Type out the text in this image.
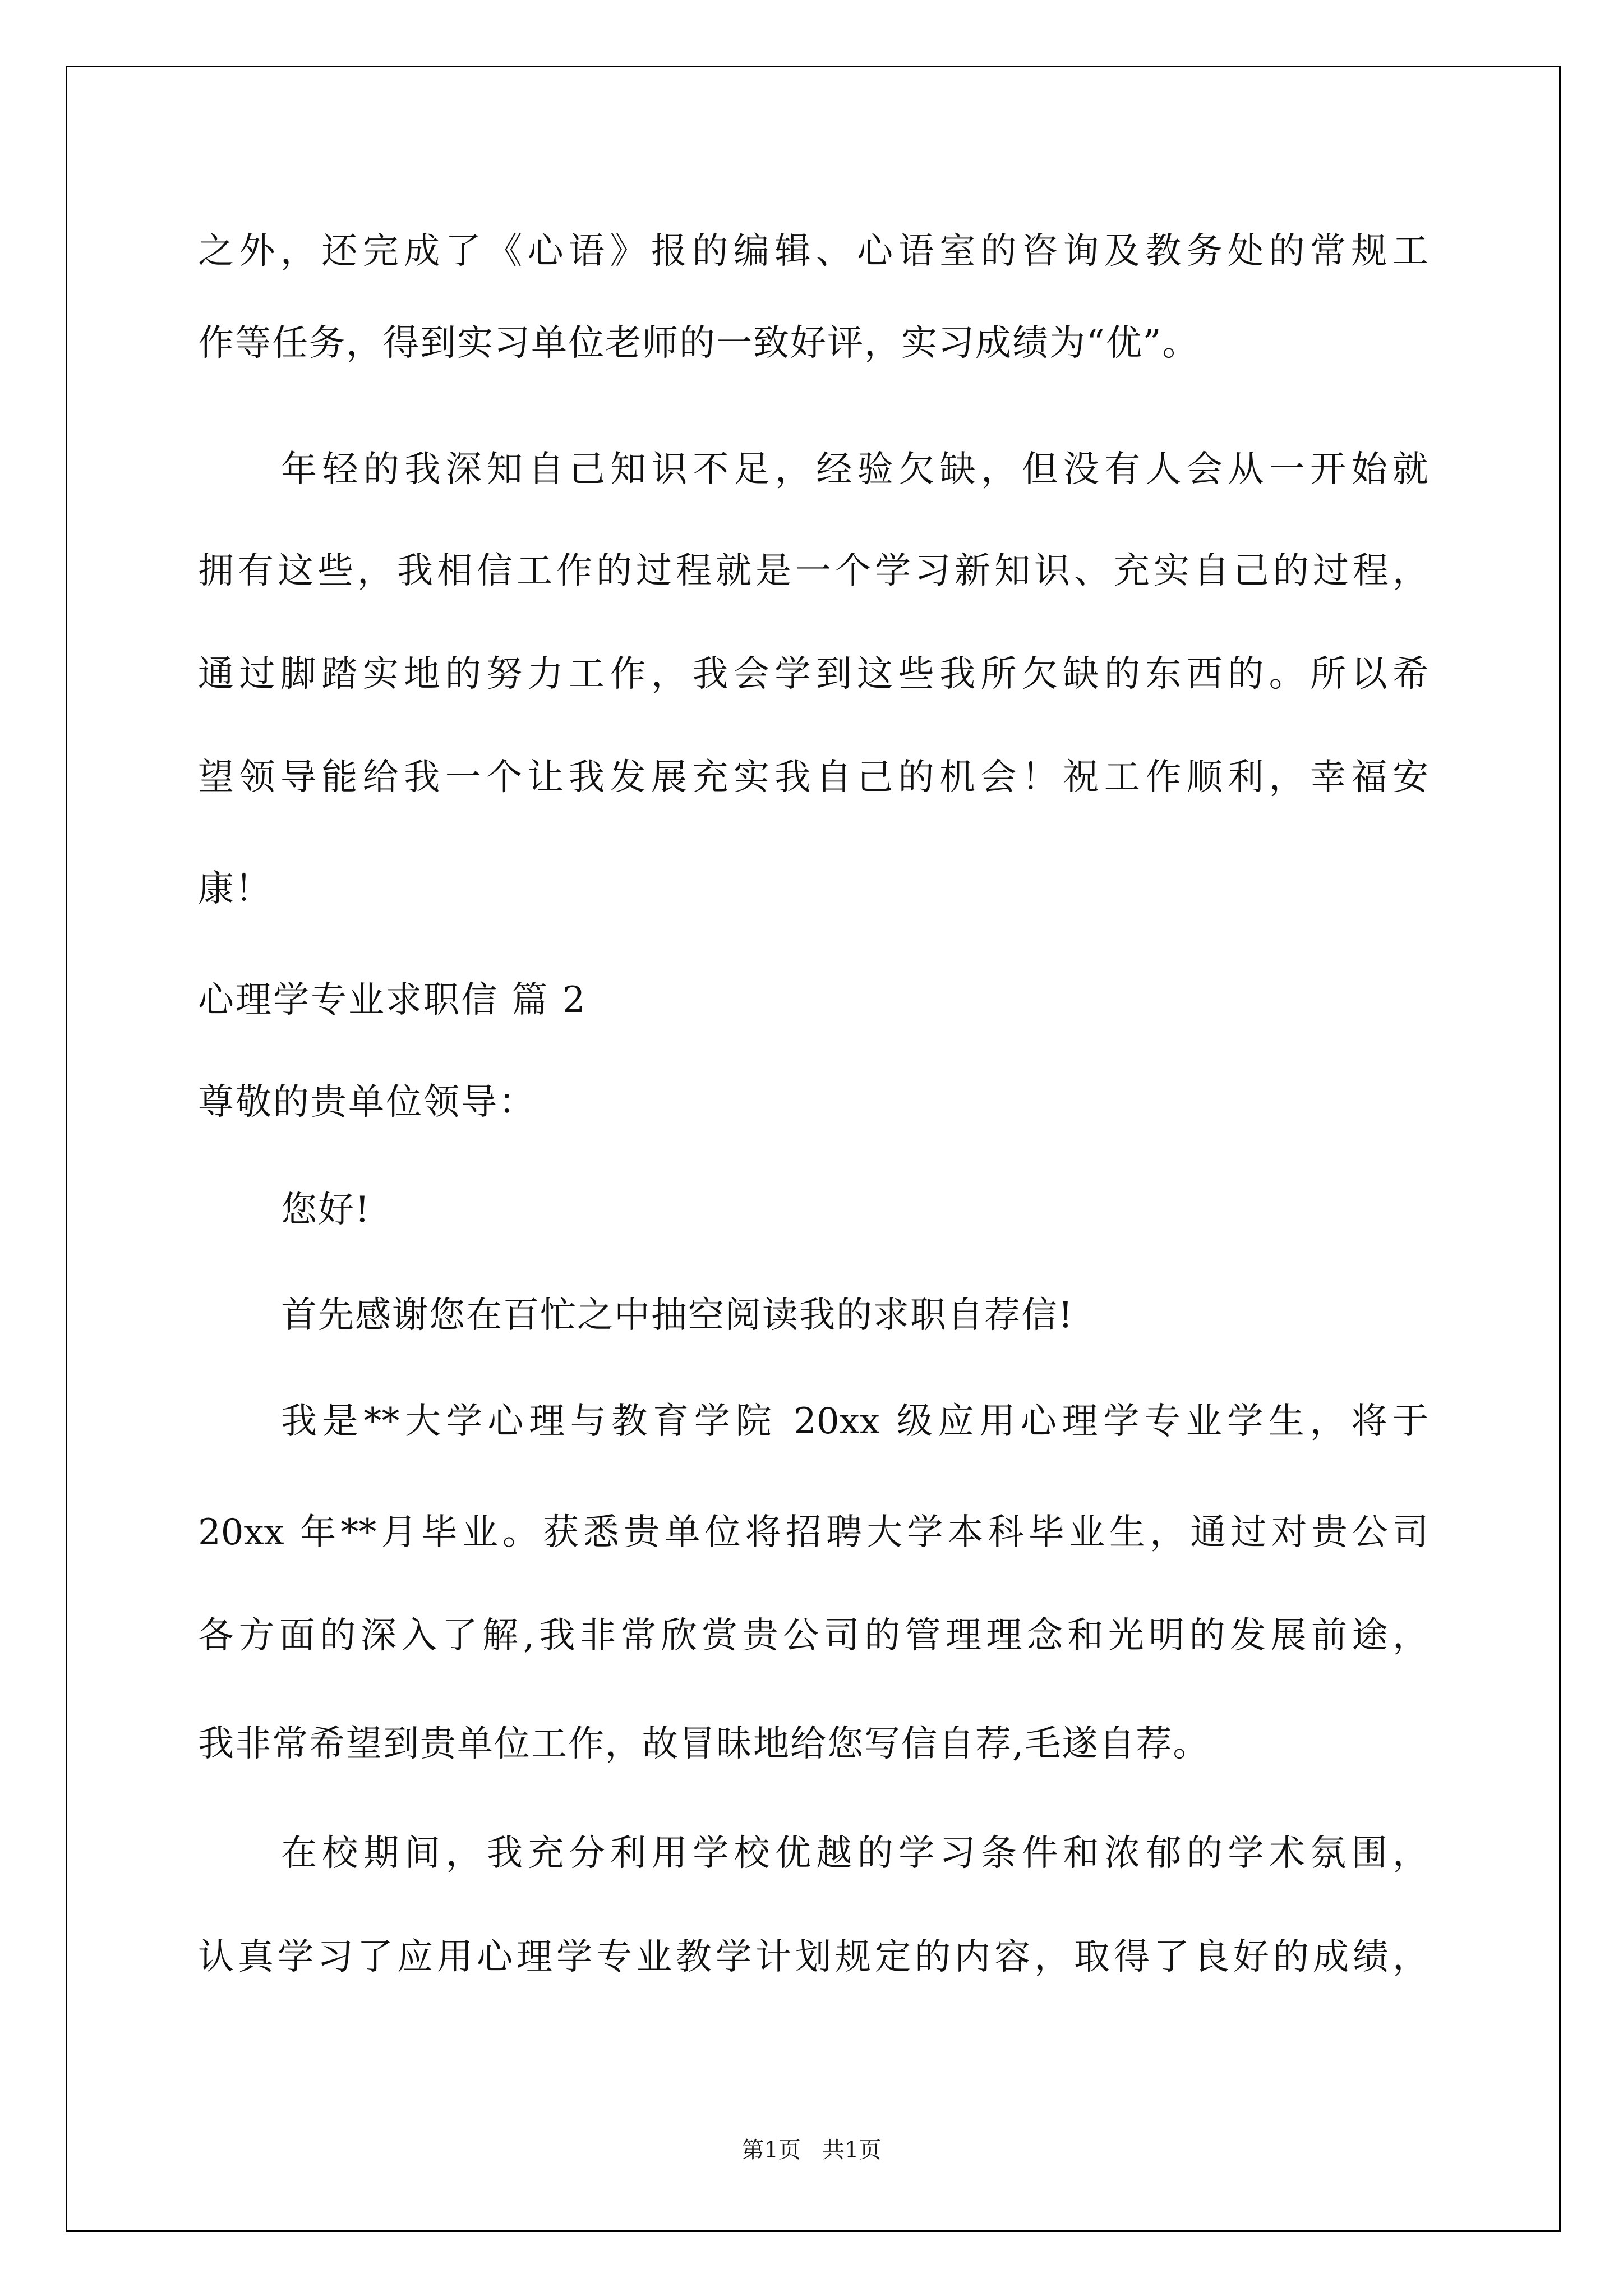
之外，还完成了《心语》报的编辑、心语室的咨询及教务处的常规工
作等任务，得到实习单位老师的一致好评，实习成绩为“优”。
年轻的我深知自己知识不足，经验欠缺，但没有人会从一开始就
拥有这些，我相信工作的过程就是一个学习新知识、充实自己的过程，
通过脚踏实地的努力工作，我会学到这些我所欠缺的东西的。所以希
望领导能给我一个让我发展充实我自己的机会！祝工作顺利，幸福安
康！
心理学专业求职信 篇 2
尊敬的贵单位领导：
您好!
首先感谢您在百忙之中抽空阅读我的求职自荐信!
我是**大学心理与教育学院 20xx 级应用心理学专业学生，将于
20xx 年**月毕业。获悉贵单位将招聘大学本科毕业生，通过对贵公司
各方面的深入了解,我非常欣赏贵公司的管理理念和光明的发展前途，
我非常希望到贵单位工作，故冒昧地给您写信自荐,毛遂自荐。
在校期间，我充分利用学校优越的学习条件和浓郁的学术氛围，
认真学习了应用心理学专业教学计划规定的内容，取得了良好的成绩，
第1页   共1页
